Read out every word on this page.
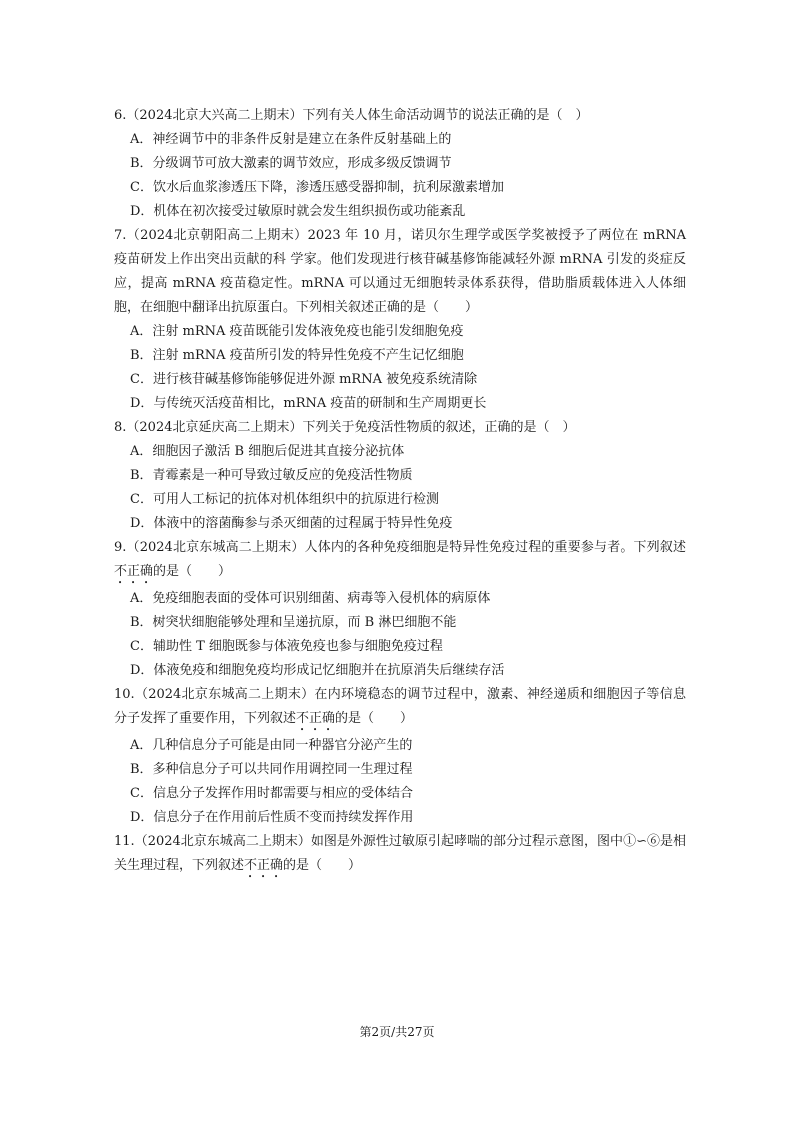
6.（2024北京大兴高二上期末）下列有关人体生命活动调节的说法正确的是（　）

A．神经调节中的非条件反射是建立在条件反射基础上的

B．分级调节可放大激素的调节效应，形成多级反馈调节

C．饮水后血浆渗透压下降，渗透压感受器抑制，抗利尿激素增加

D．机体在初次接受过敏原时就会发生组织损伤或功能紊乱

7.（2024北京朝阳高二上期末）2023 年 10 月，诺贝尔生理学或医学奖被授予了两位在 mRNA 疫苗研发上作出突出贡献的科 学家。他们发现进行核苷碱基修饰能减轻外源 mRNA 引发的炎症反应，提高 mRNA 疫苗稳定性。mRNA 可以通过无细胞转录体系获得，借助脂质载体进入人体细胞，在细胞中翻译出抗原蛋白。下列相关叙述正确的是（　　）

A．注射 mRNA 疫苗既能引发体液免疫也能引发细胞免疫

B．注射 mRNA 疫苗所引发的特异性免疫不产生记忆细胞

C．进行核苷碱基修饰能够促进外源 mRNA 被免疫系统清除

D．与传统灭活疫苗相比，mRNA 疫苗的研制和生产周期更长

8.（2024北京延庆高二上期末）下列关于免疫活性物质的叙述，正确的是（　）

A．细胞因子激活 B 细胞后促进其直接分泌抗体

B．青霉素是一种可导致过敏反应的免疫活性物质

C．可用人工标记的抗体对机体组织中的抗原进行检测

D．体液中的溶菌酶参与杀灭细菌的过程属于特异性免疫

9.（2024北京东城高二上期末）人体内的各种免疫细胞是特异性免疫过程的重要参与者。下列叙述不正确的是（　　）

A．免疫细胞表面的受体可识别细菌、病毒等入侵机体的病原体

B．树突状细胞能够处理和呈递抗原，而 B 淋巴细胞不能

C．辅助性 T 细胞既参与体液免疫也参与细胞免疫过程

D．体液免疫和细胞免疫均形成记忆细胞并在抗原消失后继续存活

10.（2024北京东城高二上期末）在内环境稳态的调节过程中，激素、神经递质和细胞因子等信息分子发挥了重要作用，下列叙述不正确的是（　　）

A．几种信息分子可能是由同一种器官分泌产生的

B．多种信息分子可以共同作用调控同一生理过程

C．信息分子发挥作用时都需要与相应的受体结合

D．信息分子在作用前后性质不变而持续发挥作用

11.（2024北京东城高二上期末）如图是外源性过敏原引起哮喘的部分过程示意图，图中①∽⑥是相关生理过程，下列叙述不正确的是（　　）

第2页/共27页
